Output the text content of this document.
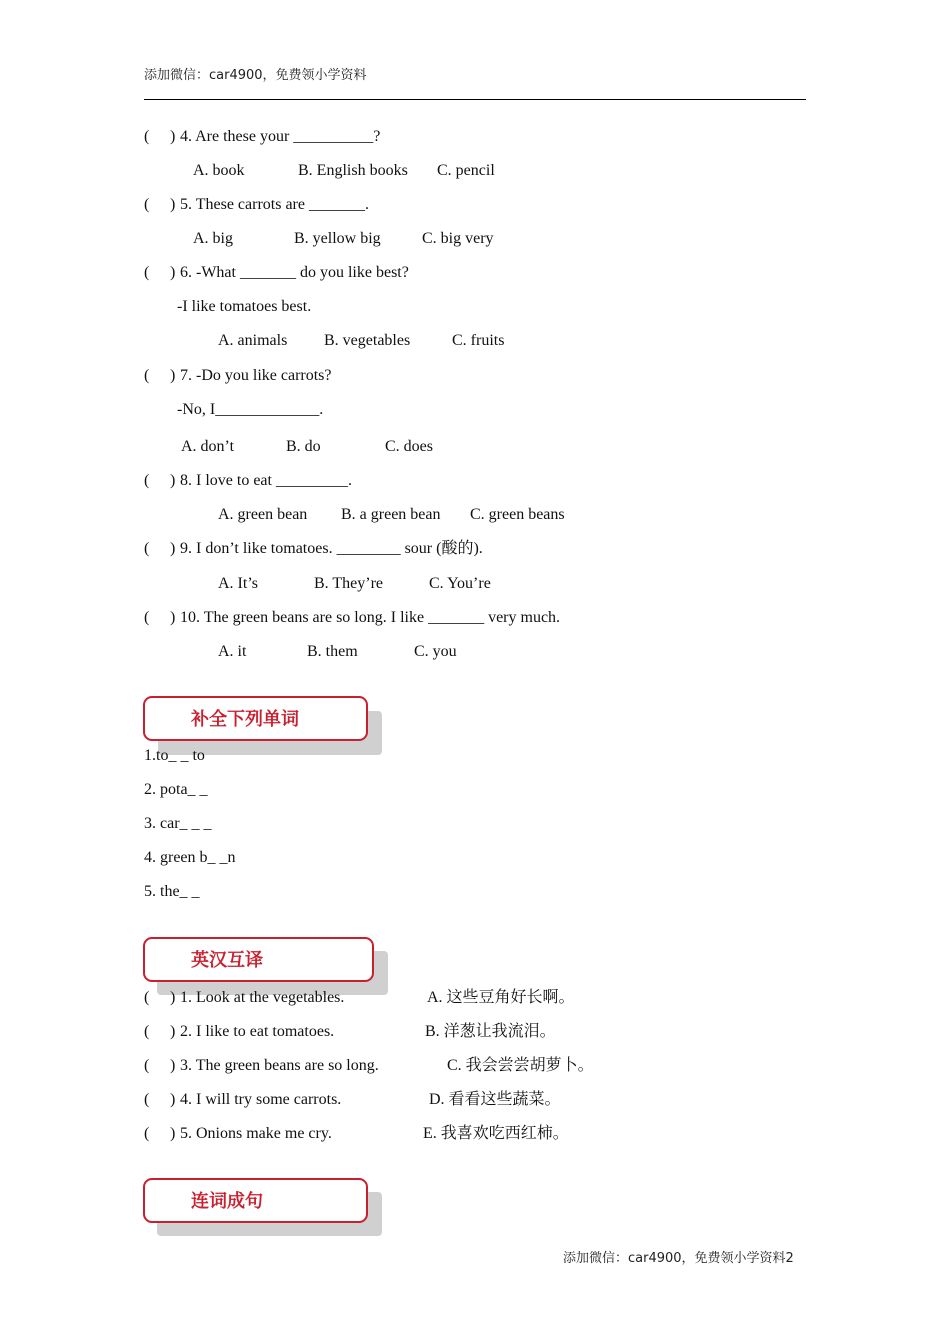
添加微信：car4900，免费领小学资料
( ) 4. Are these your __________?
A. book	B. English books C. pencil
( ) 5. These carrots are _______.
A. big	B. yellow big	C. big very
( ) 6. -What _______ do you like best?
-I like tomatoes best.
A. animals B. vegetables	C. fruits
( ) 7. -Do you like carrots?
-No, I_____________.
A. don’t	B. do	C. does
( ) 8. I love to eat _________.
A. green bean B. a green bean C. green beans
( ) 9. I don’t like tomatoes. ________ sour (酸的).
A. It’s	B. They’re	C. You’re
( ) 10. The green beans are so long. I like _______ very much.
A. it	B. them	C. you
补全下列单词
1.to_ _ to
2. pota_ _
3. car_ _ _
4. green b_ _n
5. the_ _
英汉互译
( ) 1. Look at the vegetables.	A. 这些豆角好长啊。
( ) 2. I like to eat tomatoes.	B. 洋葱让我流泪。
( ) 3. The green beans are so long.	C. 我会尝尝胡萝卜。
( ) 4. I will try some carrots.	D. 看看这些蔬菜。
( ) 5. Onions make me cry.	E. 我喜欢吃西红柿。
连词成句
添加微信：car4900，免费领小学资料2
